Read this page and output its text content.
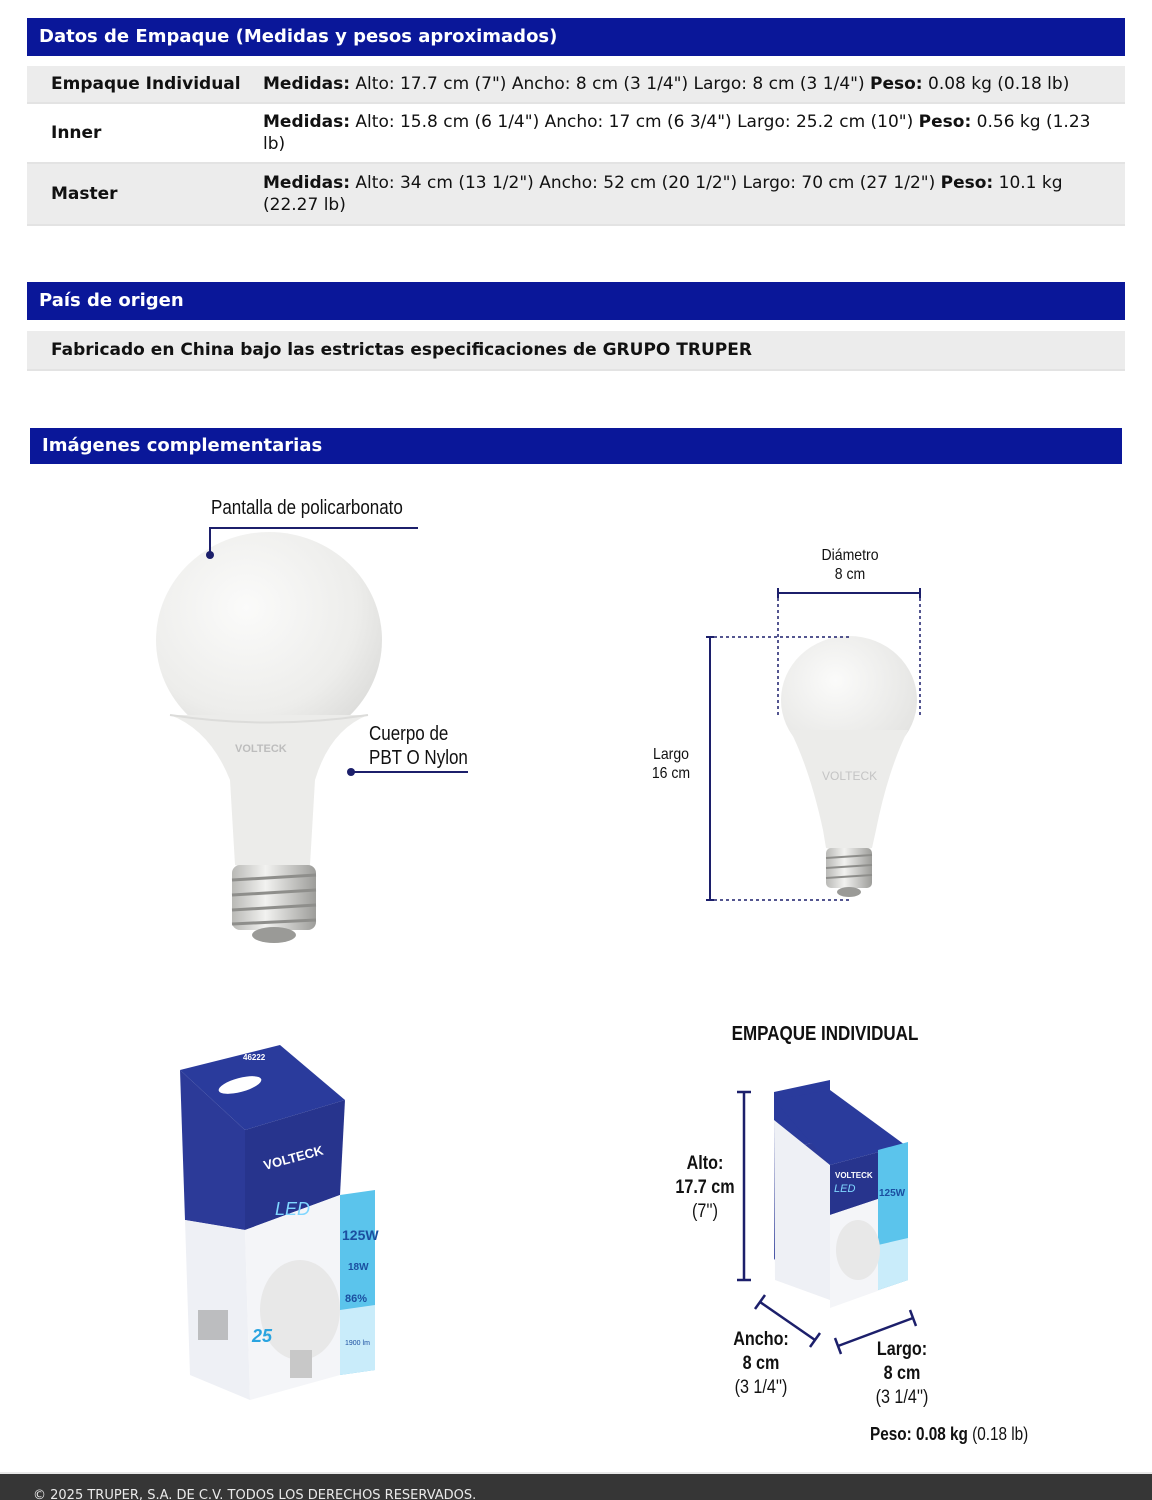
Datos de Empaque (Medidas y pesos aproximados)
Empaque Individual	Medidas: Alto: 17.7 cm (7") Ancho: 8 cm (3 1/4") Largo: 8 cm (3 1/4") Peso: 0.08 kg (0.18 lb)
Inner
Medidas: Alto: 15.8 cm (6 1/4") Ancho: 17 cm (6 3/4") Largo: 25.2 cm (10") Peso: 0.56 kg (1.23 lb)
Master
Medidas: Alto: 34 cm (13 1/2") Ancho: 52 cm (20 1/2") Largo: 70 cm (27 1/2") Peso: 10.1 kg (22.27 lb)
País de origen
Fabricado en China bajo las estrictas especificaciones de GRUPO TRUPER
Imágenes complementarias
VOLTECK
Pantalla de policarbonato
Cuerpo de
PBT O Nylon
VOLTECK
Diámetro
8 cm
Largo
16 cm
46222
VOLTECK
LED
125W
18W
86%
1900 lm
25
EMPAQUE INDIVIDUAL
VOLTECK
LED 125W
Alto:
17.7 cm
(7'')
Ancho:
8 cm
(3 1/4'')
Largo:
8 cm
(3 1/4'')
Peso: 0.08 kg (0.18 lb)
© 2025 TRUPER, S.A. DE C.V. TODOS LOS DERECHOS RESERVADOS.
